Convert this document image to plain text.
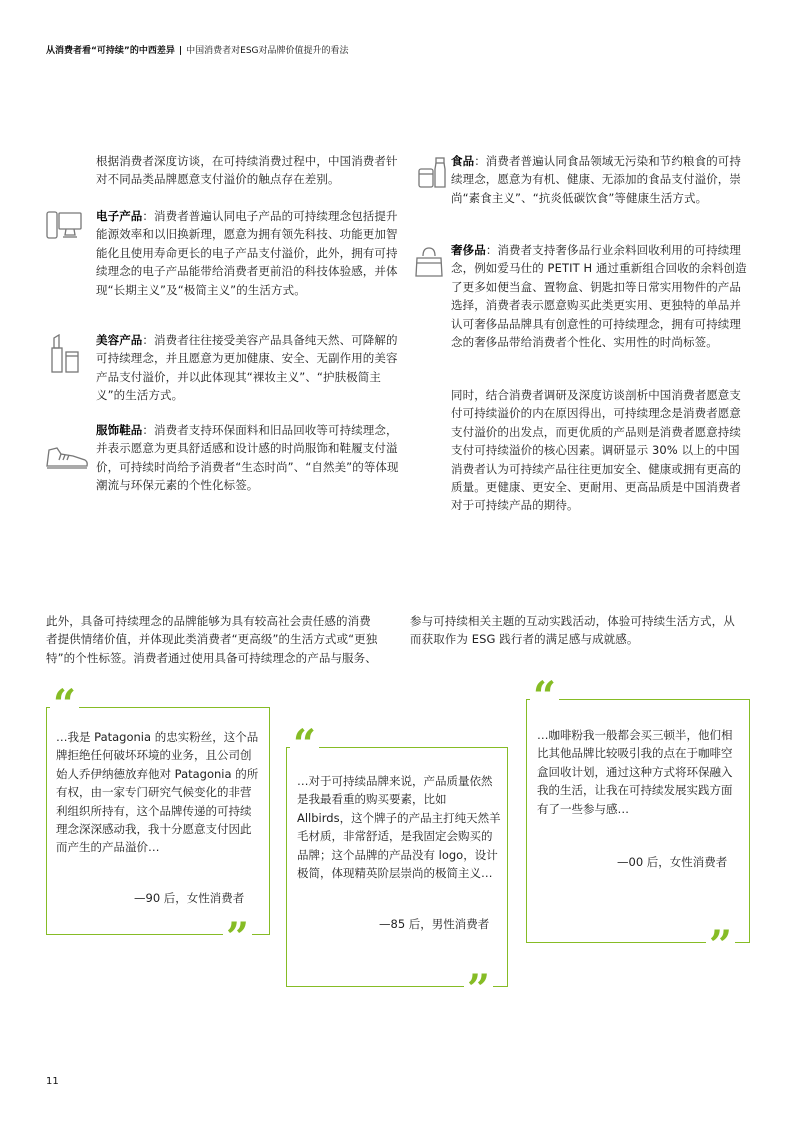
从消费者看“可持续”的中西差异 | 中国消费者对ESG对品牌价值提升的看法
根据消费者深度访谈，在可持续消费过程中，中国消费者针对不同品类品牌愿意支付溢价的触点存在差别。
电子产品：消费者普遍认同电子产品的可持续理念包括提升能源效率和以旧换新理，愿意为拥有领先科技、功能更加智能化且使用寿命更长的电子产品支付溢价，此外，拥有可持续理念的电子产品能带给消费者更前沿的科技体验感，并体现“长期主义”及“极简主义”的生活方式。
美容产品：消费者往往接受美容产品具备纯天然、可降解的可持续理念，并且愿意为更加健康、安全、无副作用的美容产品支付溢价，并以此体现其“裸妆主义”、“护肤极简主义”的生活方式。
服饰鞋品：消费者支持环保面料和旧品回收等可持续理念，并表示愿意为更具舒适感和设计感的时尚服饰和鞋履支付溢价，可持续时尚给予消费者“生态时尚”、“自然美”的等体现潮流与环保元素的个性化标签。
食品：消费者普遍认同食品领域无污染和节约粮食的可持续理念，愿意为有机、健康、无添加的食品支付溢价，崇尚“素食主义”、“抗炎低碳饮食”等健康生活方式。
奢侈品：消费者支持奢侈品行业余料回收利用的可持续理念，例如爱马仕的 PETIT H 通过重新组合回收的余料创造了更多如便当盒、置物盒、钥匙扣等日常实用物件的产品选择，消费者表示愿意购买此类更实用、更独特的单品并认可奢侈品品牌具有创意性的可持续理念，拥有可持续理念的奢侈品带给消费者个性化、实用性的时尚标签。
同时，结合消费者调研及深度访谈剖析中国消费者愿意支付可持续溢价的内在原因得出，可持续理念是消费者愿意支付溢价的出发点，而更优质的产品则是消费者愿意持续支付可持续溢价的核心因素。调研显示 30% 以上的中国消费者认为可持续产品往往更加安全、健康或拥有更高的质量。更健康、更安全、更耐用、更高品质是中国消费者对于可持续产品的期待。
此外，具备可持续理念的品牌能够为具有较高社会责任感的消费者提供情绪价值，并体现此类消费者“更高级”的生活方式或“更独特”的个性标签。消费者通过使用具备可持续理念的产品与服务、参与可持续相关主题的互动实践活动，体验可持续生活方式，从而获取作为 ESG 践行者的满足感与成就感。
“
…我是 Patagonia 的忠实粉丝，这个品牌拒绝任何破坏环境的业务，且公司创始人乔伊纳德放弃他对 Patagonia 的所有权，由一家专门研究气候变化的非营利组织所持有，这个品牌传递的可持续理念深深感动我，我十分愿意支付因此而产生的产品溢价…
—90 后，女性消费者
”
“
…对于可持续品牌来说，产品质量依然是我最看重的购买要素，比如 Allbirds，这个牌子的产品主打纯天然羊毛材质，非常舒适，是我固定会购买的品牌；这个品牌的产品没有 logo，设计极简，体现精英阶层崇尚的极简主义…
—85 后，男性消费者
”
“
…咖啡粉我一般都会买三顿半，他们相比其他品牌比较吸引我的点在于咖啡空盒回收计划，通过这种方式将环保融入我的生活，让我在可持续发展实践方面有了一些参与感…
—00 后，女性消费者
”
11
